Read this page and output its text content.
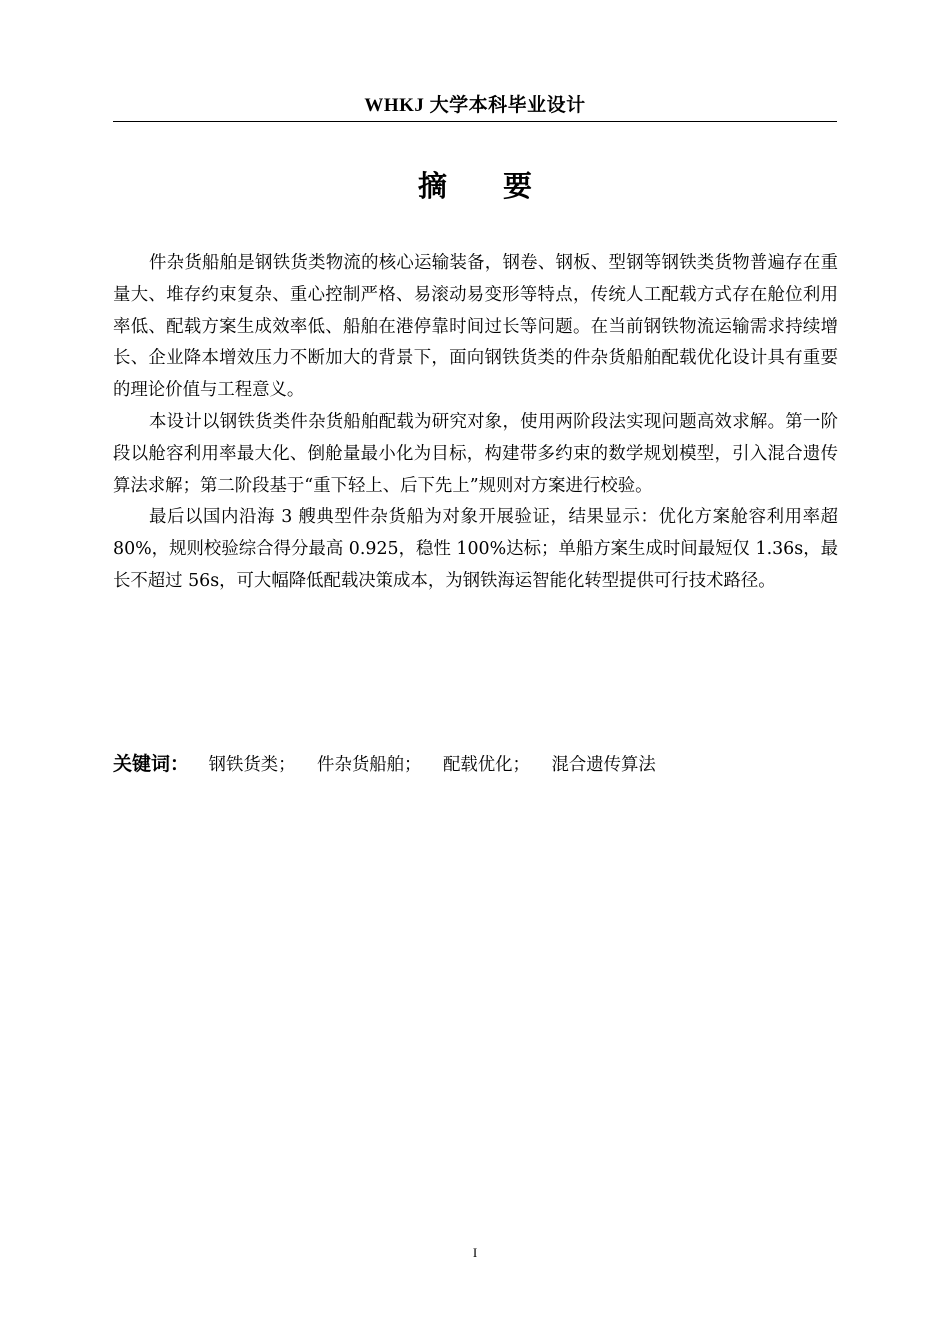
WHKJ 大学本科毕业设计
摘要

件杂货船舶是钢铁货类物流的核心运输装备，钢卷、钢板、型钢等钢铁类货物普遍存在重量大、堆存约束复杂、重心控制严格、易滚动易变形等特点，传统人工配载方式存在舱位利用率低、配载方案生成效率低、船舶在港停靠时间过长等问题。在当前钢铁物流运输需求持续增长、企业降本增效压力不断加大的背景下，面向钢铁货类的件杂货船舶配载优化设计具有重要的理论价值与工程意义。

本设计以钢铁货类件杂货船舶配载为研究对象，使用两阶段法实现问题高效求解。第一阶段以舱容利用率最大化、倒舱量最小化为目标，构建带多约束的数学规划模型，引入混合遗传算法求解；第二阶段基于“重下轻上、后下先上”规则对方案进行校验。

最后以国内沿海 3 艘典型件杂货船为对象开展验证，结果显示：优化方案舱容利用率超 80%，规则校验综合得分最高 0.925，稳性 100%达标；单船方案生成时间最短仅 1.36s，最长不超过 56s，可大幅降低配载决策成本，为钢铁海运智能化转型提供可行技术路径。

关键词： 钢铁货类； 件杂货船舶； 配载优化； 混合遗传算法
I
